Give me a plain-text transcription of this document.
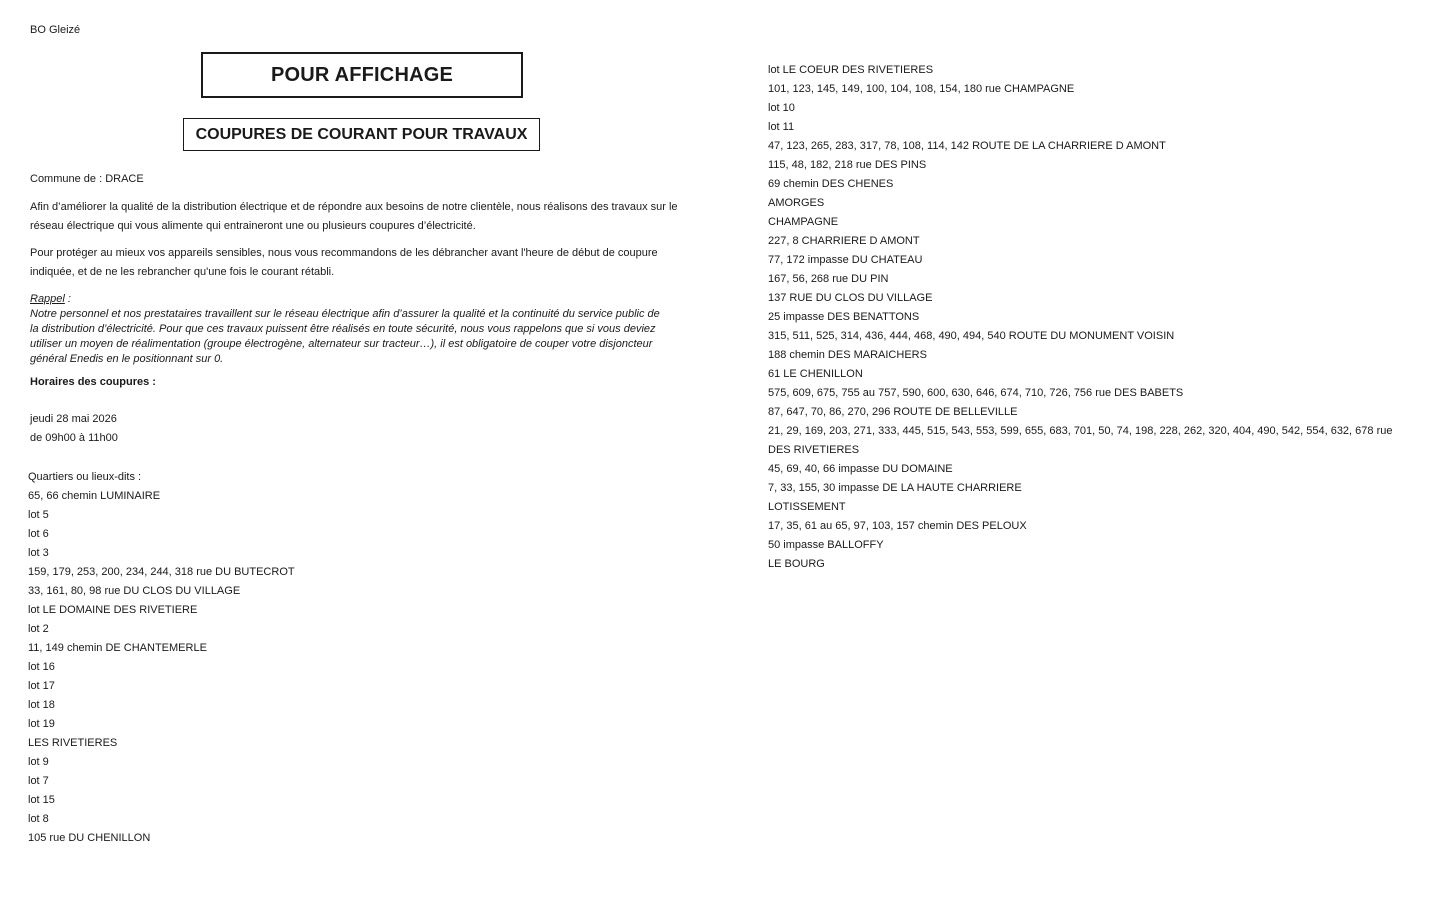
BO Gleizé
POUR AFFICHAGE
COUPURES DE COURANT POUR TRAVAUX
Commune de : DRACE
Afin d’améliorer la qualité de la distribution électrique et de répondre aux besoins de notre clientèle, nous réalisons des travaux sur le réseau électrique qui vous alimente qui entraineront une ou plusieurs coupures d’électricité.
Pour protéger au mieux vos appareils sensibles, nous vous recommandons de les débrancher avant l'heure de début de coupure indiquée, et de ne les rebrancher qu'une fois le courant rétabli.
Rappel :
Notre personnel et nos prestataires travaillent sur le réseau électrique afin d’assurer la qualité et la continuité du service public de la distribution d’électricité. Pour que ces travaux puissent être réalisés en toute sécurité, nous vous rappelons que si vous deviez utiliser un moyen de réalimentation (groupe électrogène, alternateur sur tracteur…), il est obligatoire de couper votre disjoncteur général Enedis en le positionnant sur 0.
Horaires des coupures :
jeudi 28 mai 2026
de 09h00 à 11h00
Quartiers ou lieux-dits :
65, 66 chemin LUMINAIRE
lot 5
lot 6
lot 3
159, 179, 253, 200, 234, 244, 318 rue DU BUTECROT
33, 161, 80, 98 rue DU CLOS DU VILLAGE
lot LE DOMAINE DES RIVETIERE
lot 2
11, 149 chemin DE CHANTEMERLE
lot 16
lot 17
lot 18
lot 19
LES RIVETIERES
lot 9
lot 7
lot 15
lot 8
105 rue DU CHENILLON
lot LE COEUR DES RIVETIERES
101, 123, 145, 149, 100, 104, 108, 154, 180 rue CHAMPAGNE
lot 10
lot 11
47, 123, 265, 283, 317, 78, 108, 114, 142 ROUTE DE LA CHARRIERE D AMONT
115, 48, 182, 218 rue DES PINS
69 chemin DES CHENES
AMORGES
CHAMPAGNE
227, 8 CHARRIERE D AMONT
77, 172 impasse DU CHATEAU
167, 56, 268 rue DU PIN
137 RUE DU CLOS DU VILLAGE
25 impasse DES BENATTONS
315, 511, 525, 314, 436, 444, 468, 490, 494, 540 ROUTE DU MONUMENT VOISIN
188 chemin DES MARAICHERS
61 LE CHENILLON
575, 609, 675, 755 au 757, 590, 600, 630, 646, 674, 710, 726, 756 rue DES BABETS
87, 647, 70, 86, 270, 296 ROUTE DE BELLEVILLE
21, 29, 169, 203, 271, 333, 445, 515, 543, 553, 599, 655, 683, 701, 50, 74, 198, 228, 262, 320, 404, 490, 542, 554, 632, 678 rue DES RIVETIERES
45, 69, 40, 66 impasse DU DOMAINE
7, 33, 155, 30 impasse DE LA HAUTE CHARRIERE
LOTISSEMENT
17, 35, 61 au 65, 97, 103, 157 chemin DES PELOUX
50 impasse BALLOFFY
LE BOURG
